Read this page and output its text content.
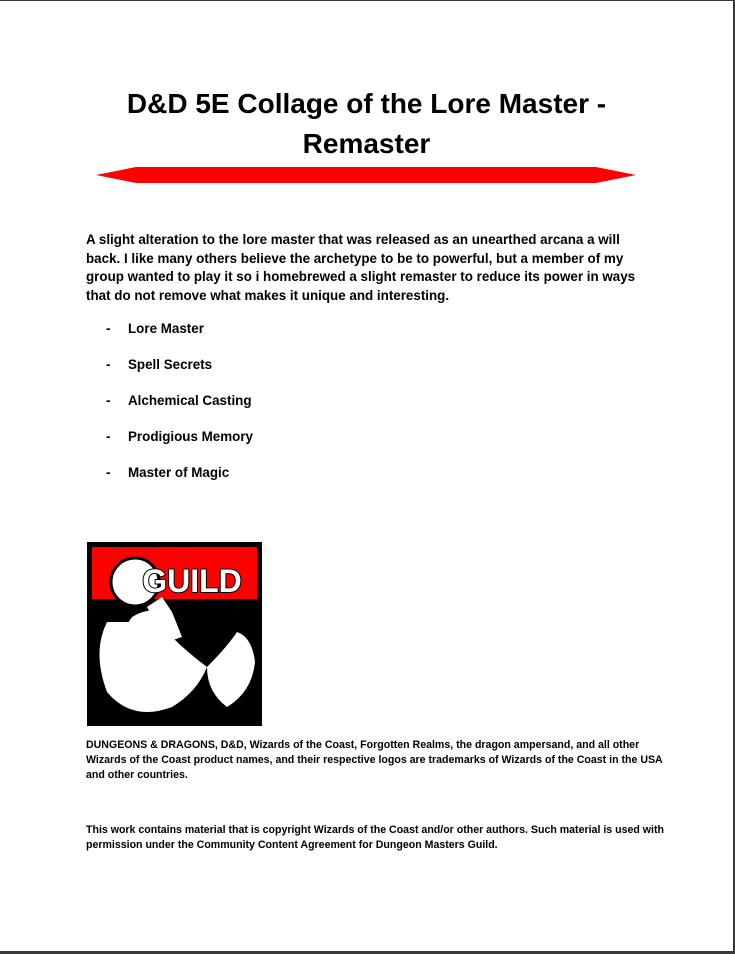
D&D 5E Collage of the Lore Master -
Remaster
A slight alteration to the lore master that was released as an unearthed arcana a will back. I like many others believe the archetype to be to powerful, but a member of my group wanted to play it so i homebrewed a slight remaster to reduce its power in ways that do not remove what makes it unique and interesting.
-	Lore Master
-	Spell Secrets
-	Alchemical Casting
-	Prodigious Memory
-	Master of Magic
GUILD
DUNGEONS & DRAGONS, D&D, Wizards of the Coast, Forgotten Realms, the dragon ampersand, and all other Wizards of the Coast product names, and their respective logos are trademarks of Wizards of the Coast in the USA and other countries.
This work contains material that is copyright Wizards of the Coast and/or other authors. Such material is used with permission under the Community Content Agreement for Dungeon Masters Guild.
